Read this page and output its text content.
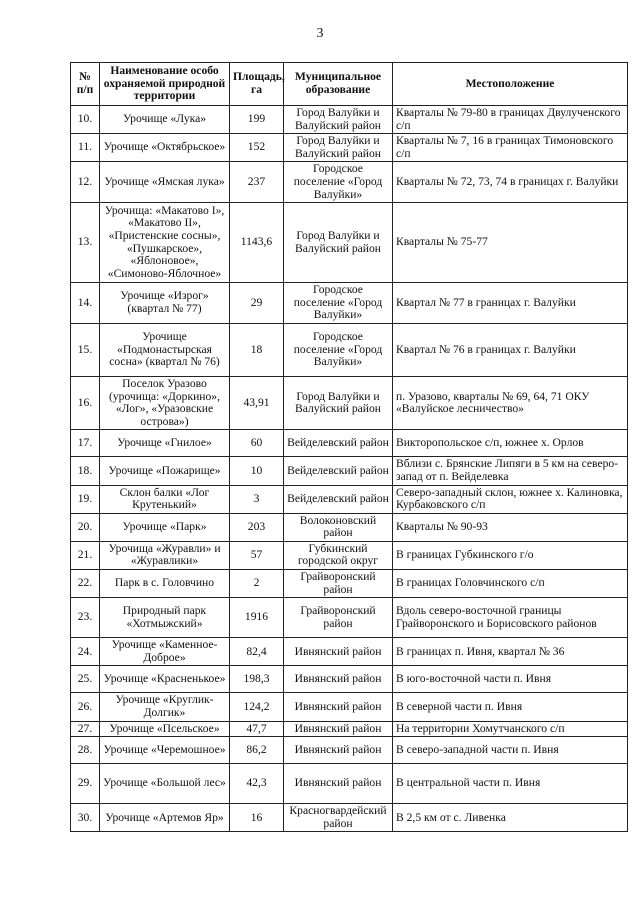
3
№ п/п	Наименование особо охраняемой природной территории	Площадь, га	Муниципальное образование	Местоположение
10.	Урочище «Лука»	199	Город Валуйки и Валуйский район	Кварталы № 79-80 в границах Двулученского с/п
11.	Урочище «Октябрьское»	152	Город Валуйки и Валуйский район	Кварталы № 7, 16 в границах Тимоновского с/п
12.	Урочище «Ямская лука»	237	Городское поселение «Город Валуйки»	Кварталы № 72, 73, 74 в границах г. Валуйки
13.	Урочища: «Макатово I», «Макатово II», «Пристенские сосны», «Пушкарское», «Яблоновое», «Симоново-Яблочное»	1143,6	Город Валуйки и Валуйский район	Кварталы № 75-77
14.	Урочище «Изрог» (квартал № 77)	29	Городское поселение «Город Валуйки»	Квартал № 77 в границах г. Валуйки
15.	Урочище «Подмонастырская сосна» (квартал № 76)	18	Городское поселение «Город Валуйки»	Квартал № 76 в границах г. Валуйки
16.	Поселок Уразово (урочища: «Доркино», «Лог», «Уразовские острова»)	43,91	Город Валуйки и Валуйский район	п. Уразово, кварталы № 69, 64, 71 ОКУ «Валуйское лесничество»
17.	Урочище «Гнилое»	60	Вейделевский район	Викторопольское с/п, южнее х. Орлов
18.	Урочище «Пожарище»	10	Вейделевский район	Вблизи с. Брянские Липяги в 5 км на северо-запад от п. Вейделевка
19.	Склон балки «Лог Крутенький»	3	Вейделевский район	Северо-западный склон, южнее х. Калиновка, Курбаковского с/п
20.	Урочище «Парк»	203	Волоконовский район	Кварталы № 90-93
21.	Урочища «Журавли» и «Журавлики»	57	Губкинский городской округ	В границах Губкинского г/о
22.	Парк в с. Головчино	2	Грайворонский район	В границах Головчинского с/п
23.	Природный парк «Хотмыжский»	1916	Грайворонский район	Вдоль северо-восточной границы Грайворонского и Борисовского районов
24.	Урочище «Каменное-Доброе»	82,4	Ивнянский район	В границах п. Ивня, квартал № 36
25.	Урочище «Красненькое»	198,3	Ивнянский район	В юго-восточной части п. Ивня
26.	Урочище «Круглик-Долгик»	124,2	Ивнянский район	В северной части п. Ивня
27.	Урочище «Псельское»	47,7	Ивнянский район	На территории Хомутчанского с/п
28.	Урочище «Черемошное»	86,2	Ивнянский район	В северо-западной части п. Ивня
29.	Урочище «Большой лес»	42,3	Ивнянский район	В центральной части п. Ивня
30.	Урочище «Артемов Яр»	16	Красногвардейский район	В 2,5 км от с. Ливенка
